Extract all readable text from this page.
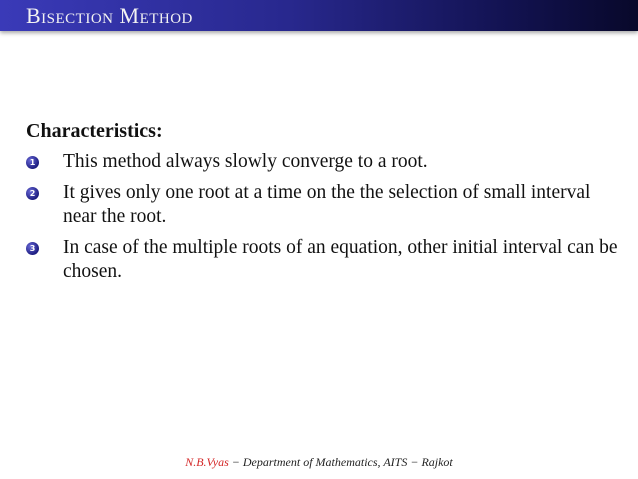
Bisection Method
Characteristics:
1 This method always slowly converge to a root.
2 It gives only one root at a time on the the selection of small interval near the root.
3 In case of the multiple roots of an equation, other initial interval can be chosen.
N.B.Vyas − Department of Mathematics, AITS − Rajkot
